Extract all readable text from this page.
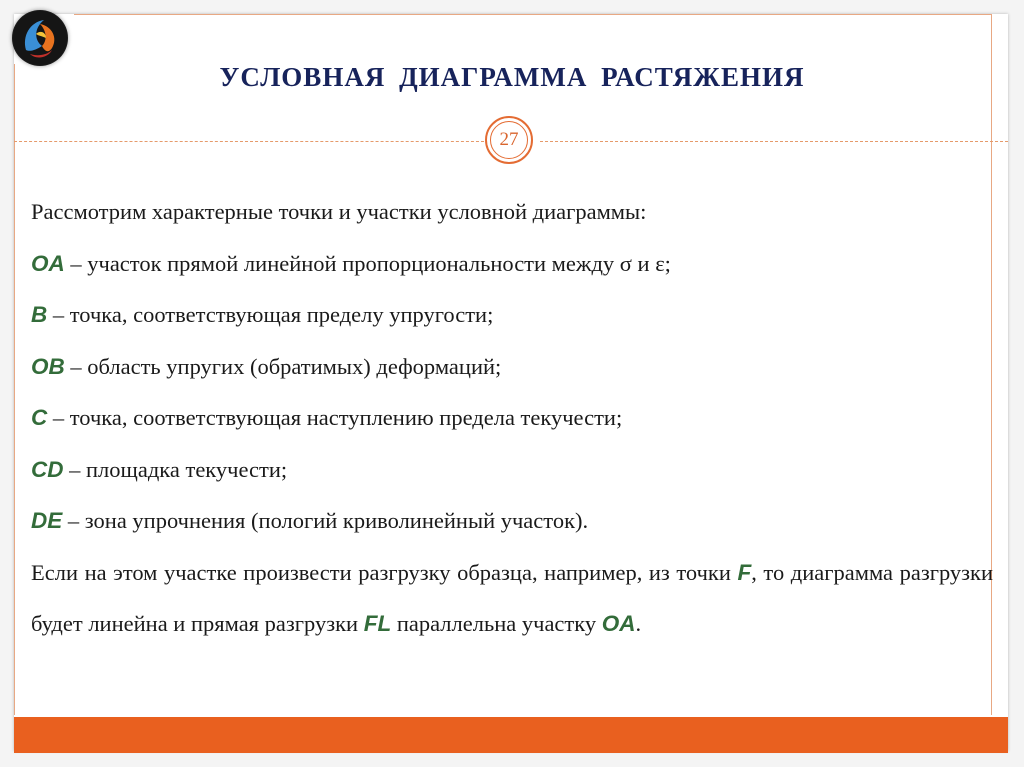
УСЛОВНАЯ ДИАГРАММА РАСТЯЖЕНИЯ
27
Рассмотрим характерные точки и участки условной диаграммы:
OA – участок прямой линейной пропорциональности между σ и ε;
B – точка, соответствующая пределу упругости;
OB – область упругих (обратимых) деформаций;
C – точка, соответствующая наступлению предела текучести;
CD – площадка текучести;
DE – зона упрочнения (пологий криволинейный участок).
Если на этом участке произвести разгрузку образца, например, из точки F, то диаграмма разгрузки будет линейна и прямая разгрузки FL параллельна участку OA.
